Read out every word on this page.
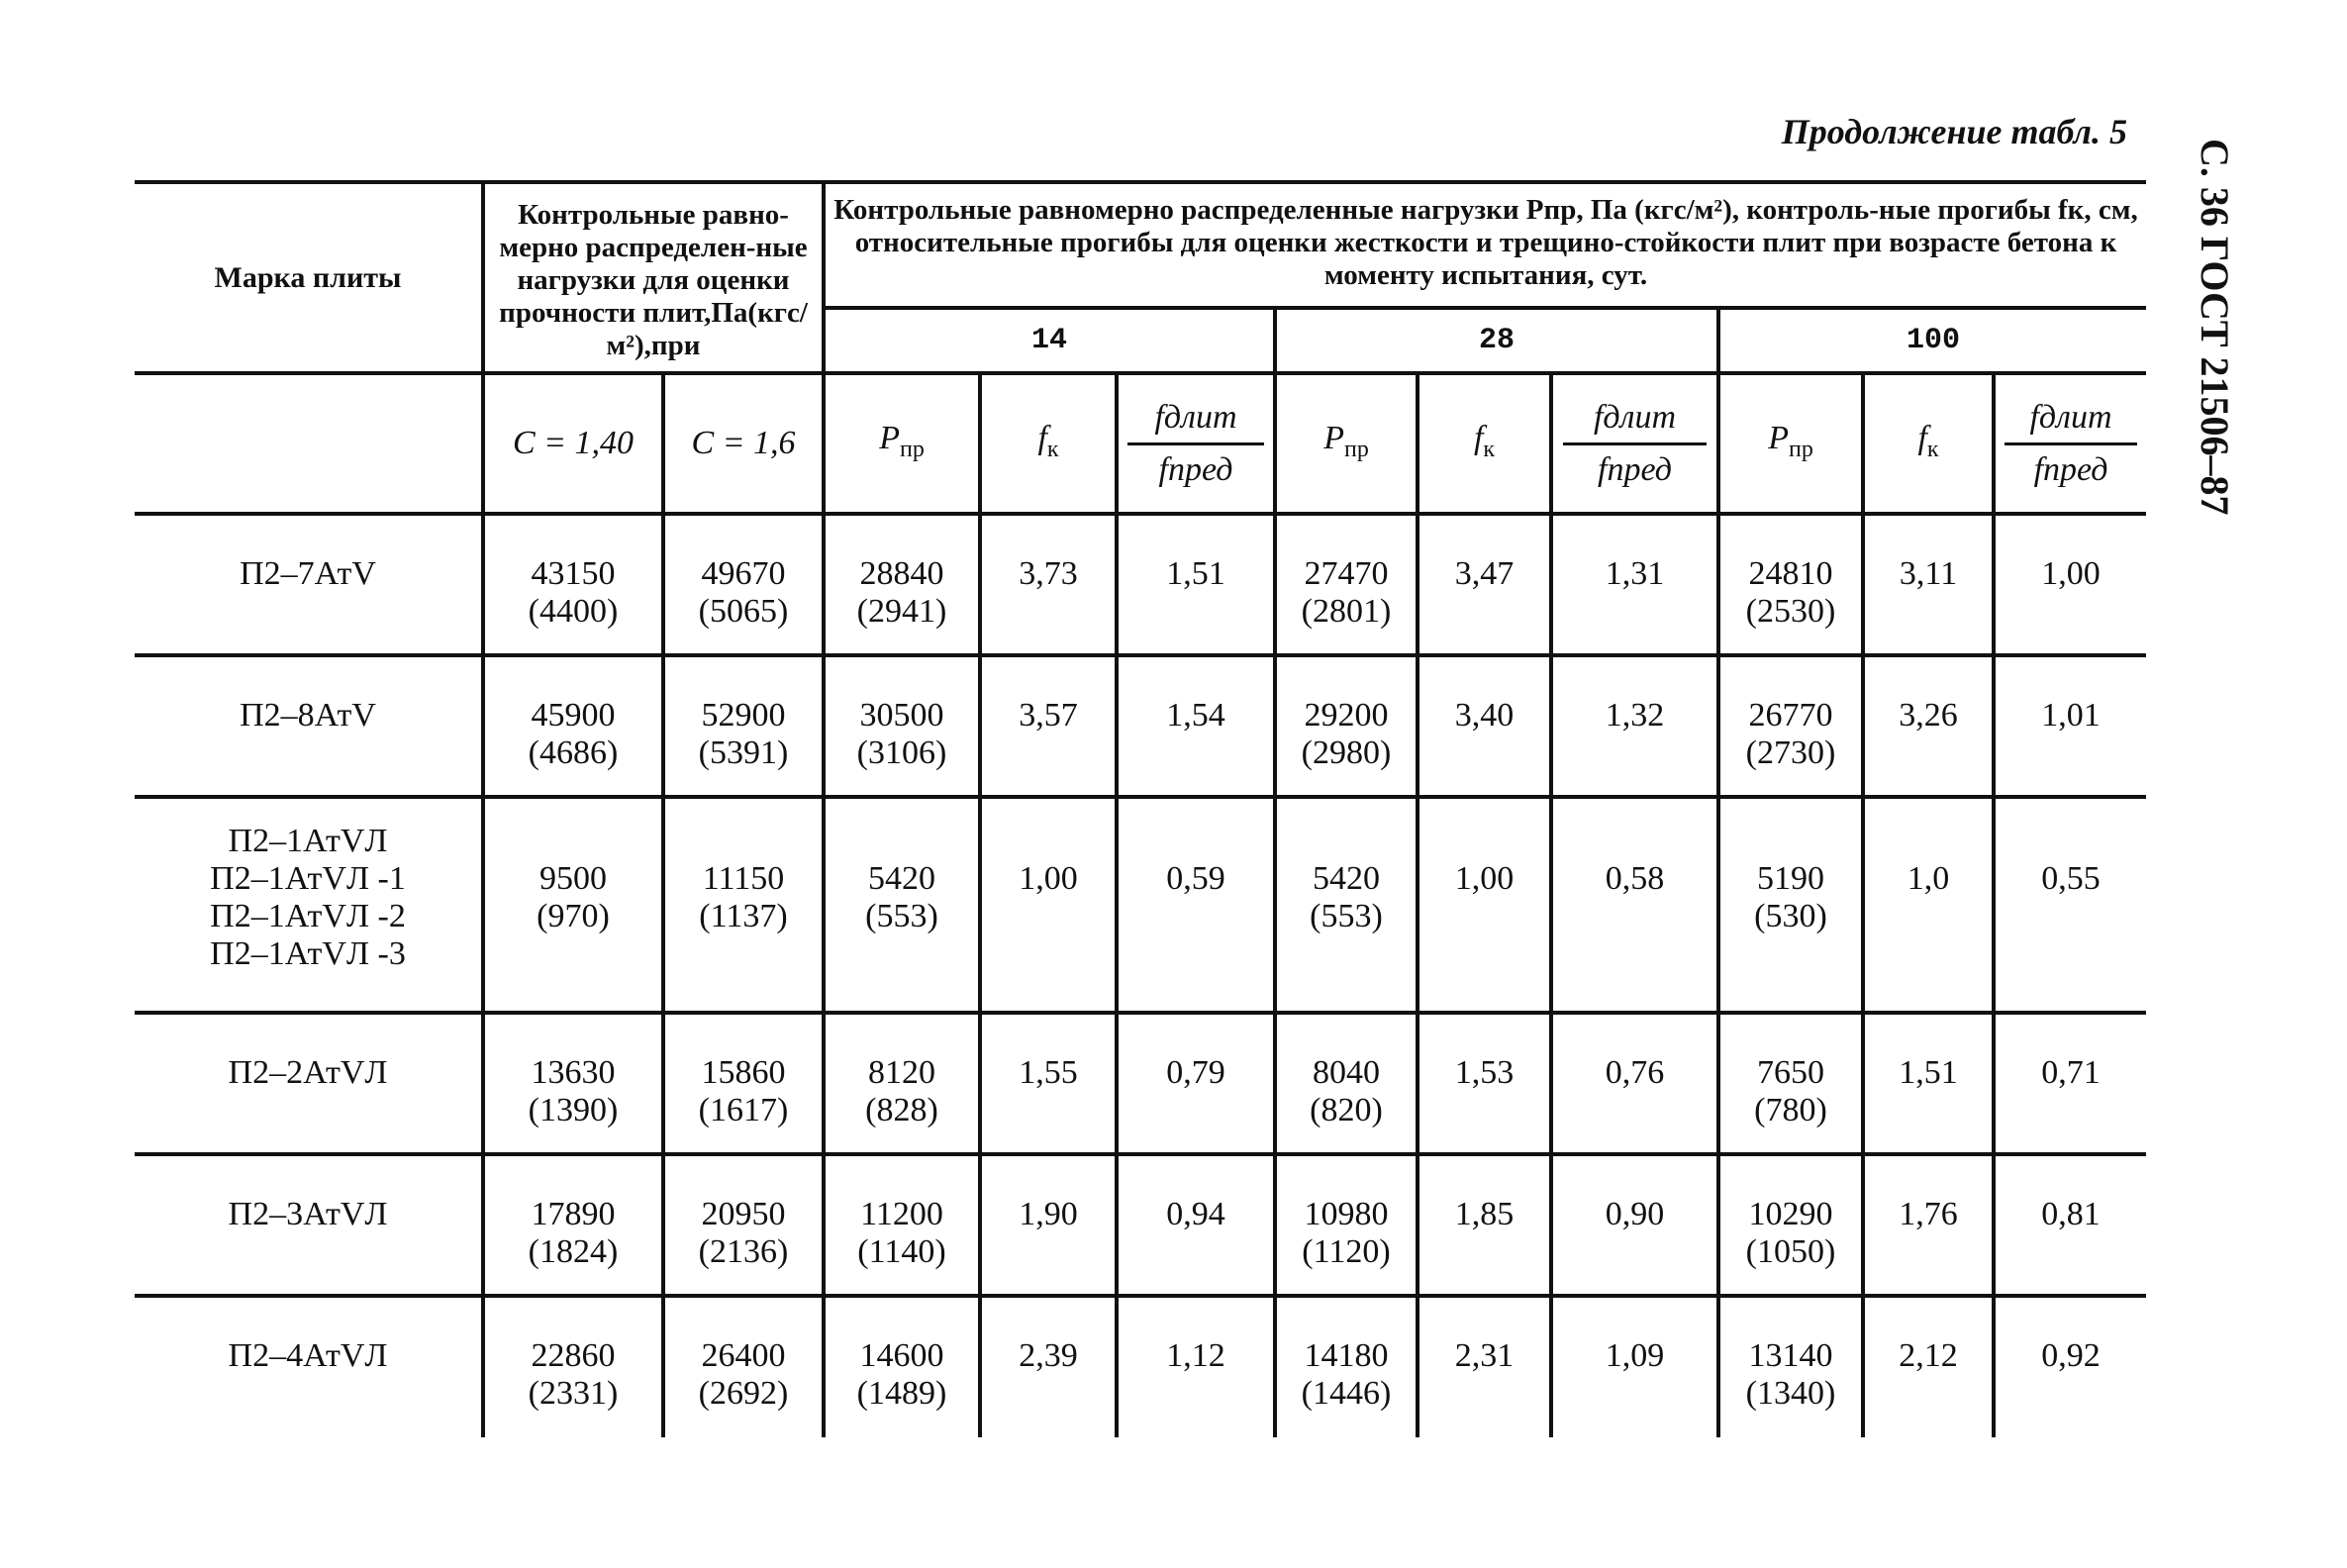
Продолжение табл. 5
С. 36 ГОСТ 21506–87
Марка плиты	Контрольные равно-мерно распределен-ные нагрузки для оценки прочности плит,Па(кгс/м²),при		Контрольные равномерно распределенные нагрузки Pпр, Па (кгс/м²), контроль-ные прогибы fк, см, относительные прогибы для оценки жесткости и трещино-стойкости плит при возрасте бетона к моменту испытания, сут.								
			14			28			100		
	С = 1,40	С = 1,6	$P_{пр}$	$f_к$	$\frac{\text{fдлит}}{\text{fпред}}$	$P_{пр}$	$f_к$	$\frac{\text{fдлит}}{\text{fпред}}$	$P_{пр}$	$f_к$	$\frac{\text{fдлит}}{\text{fпред}}$

П2–7АтV	43150
(4400)	49670
(5065)	28840
(2941)	3,73	1,51	27470
(2801)	3,47	1,31	24810
(2530)	3,11	1,00
П2–8АтV	45900
(4686)	52900
(5391)	30500
(3106)	3,57	1,54	29200
(2980)	3,40	1,32	26770
(2730)	3,26	1,01

П2–1АтVЛ
П2–1АтVЛ -1
П2–1АтVЛ -2
П2–1АтVЛ -3	9500
(970)	11150
(1137)	5420
(553)	1,00	0,59	5420
(553)	1,00	0,58	5190
(530)	1,0	0,55
П2–2АтVЛ	13630
(1390)	15860
(1617)	8120
(828)	1,55	0,79	8040
(820)	1,53	0,76	7650
(780)	1,51	0,71
П2–3АтVЛ	17890
(1824)	20950
(2136)	11200
(1140)	1,90	0,94	10980
(1120)	1,85	0,90	10290
(1050)	1,76	0,81
П2–4АтVЛ	22860
(2331)	26400
(2692)	14600
(1489)	2,39	1,12	14180
(1446)	2,31	1,09	13140
(1340)	2,12	0,92
